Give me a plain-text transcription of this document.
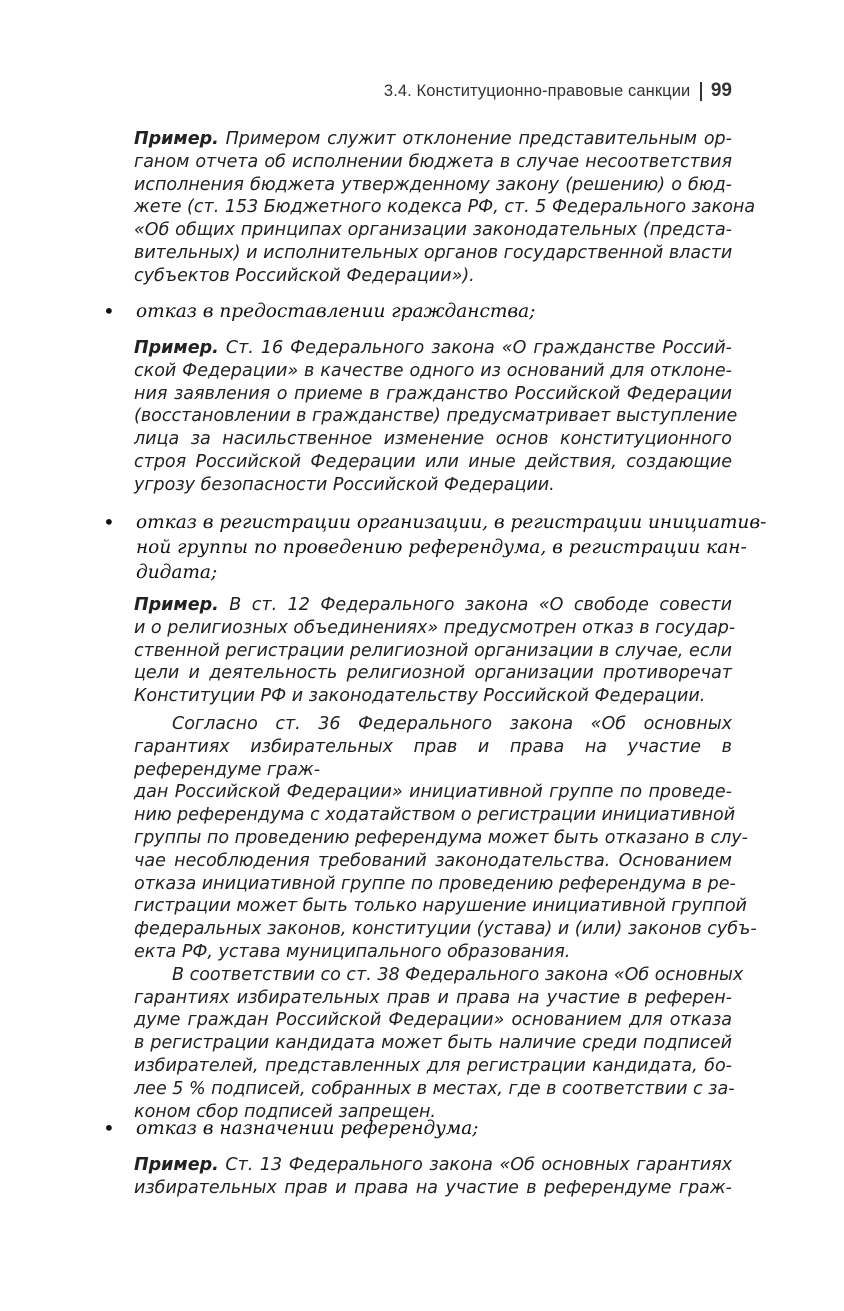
3.4. Конституционно-правовые санкции 99
Пример. Примером служит отклонение представительным ор-
ганом отчета об исполнении бюджета в случае несоответствия
исполнения бюджета утвержденному закону (решению) о бюд-
жете (ст. 153 Бюджетного кодекса РФ, ст. 5 Федерального закона
«Об общих принципах организации законодательных (предста-
вительных) и исполнительных органов государственной власти
субъектов Российской Федерации»).
• отказ в предоставлении гражданства;
Пример. Ст. 16 Федерального закона «О гражданстве Россий-
ской Федерации» в качестве одного из оснований для отклоне-
ния заявления о приеме в гражданство Российской Федерации
(восстановлении в гражданстве) предусматривает выступление
лица за насильственное изменение основ конституционного
строя Российской Федерации или иные действия, создающие
угрозу безопасности Российской Федерации.
• отказ в регистрации организации, в регистрации инициатив-
ной группы по проведению референдума, в регистрации кан-
дидата;
Пример. В ст. 12 Федерального закона «О свободе совести
и о религиозных объединениях» предусмотрен отказ в государ-
ственной регистрации религиозной организации в случае, если
цели и деятельность религиозной организации противоречат
Конституции РФ и законодательству Российской Федерации.
Согласно ст. 36 Федерального закона «Об основных гарантиях избирательных прав и права на участие в референдуме граж-
дан Российской Федерации» инициативной группе по проведе-
нию референдума с ходатайством о регистрации инициативной
группы по проведению референдума может быть отказано в слу-
чае несоблюдения требований законодательства. Основанием
отказа инициативной группе по проведению референдума в ре-
гистрации может быть только нарушение инициативной группой
федеральных законов, конституции (устава) и (или) законов субъ-
екта РФ, устава муниципального образования.
В соответствии со ст. 38 Федерального закона «Об основных
гарантиях избирательных прав и права на участие в референ-
думе граждан Российской Федерации» основанием для отказа
в регистрации кандидата может быть наличие среди подписей
избирателей, представленных для регистрации кандидата, бо-
лее 5 % подписей, собранных в местах, где в соответствии с за-
коном сбор подписей запрещен.
• отказ в назначении референдума;
Пример. Ст. 13 Федерального закона «Об основных гарантиях
избирательных прав и права на участие в референдуме граж-
